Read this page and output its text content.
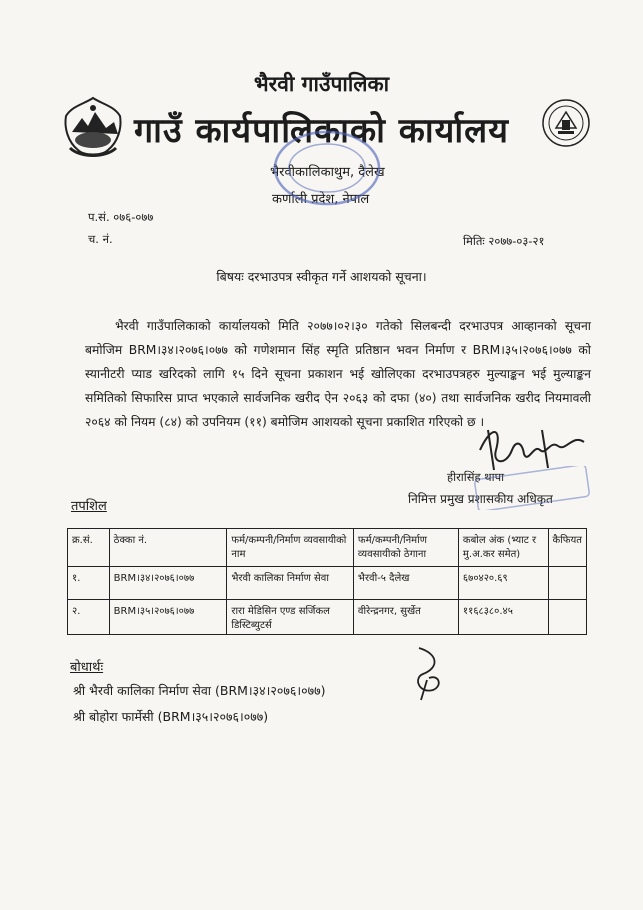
भैरवी गाउँपालिका
गाउँ कार्यपालिकाको कार्यालय
भैरवीकालिकाथुम, दैलेख
कर्णाली प्रदेश, नेपाल
प.सं. ०७६-०७७
च. नं.	मितिः २०७७-०३-२१
बिषयः दरभाउपत्र स्वीकृत गर्ने आशयको सूचना।

भैरवी गाउँपालिकाको कार्यालयको मिति २०७७।०२।३० गतेको सिलबन्दी दरभाउपत्र आव्हानको सूचना बमोजिम BRM।३४।२०७६।०७७ को गणेशमान सिंह स्मृति प्रतिष्ठान भवन निर्माण र BRM।३५।२०७६।०७७ को स्यानीटरी प्याड खरिदको लागि १५ दिने सूचना प्रकाशन भई खोलिएका दरभाउपत्रहरु मुल्याङ्कन भई मुल्याङ्कन समितिको सिफारिस प्राप्त भएकाले सार्वजनिक खरीद ऐन २०६३ को दफा (४०) तथा सार्वजनिक खरीद नियमावली २०६४ को नियम (८४) को उपनियम (११) बमोजिम आशयको सूचना प्रकाशित गरिएको छ ।

हीरासिंह थापा
निमित्त प्रमुख प्रशासकीय अधिकृत
तपशिल
क्र.सं.	ठेक्का नं.	फर्म/कम्पनी/निर्माण व्यवसायीको नाम	फर्म/कम्पनी/निर्माण व्यवसायीको ठेगाना	कबोल अंक (भ्याट र मु.अ.कर समेत)	कैफियत
१.	BRM।३४।२०७६।०७७	भैरवी कालिका निर्माण सेवा	भैरवी-५ दैलेख	६७०४२०.६९	
२.	BRM।३५।२०७६।०७७	रारा मेडिसिन एण्ड सर्जिकल डिस्टिब्युटर्स	वीरेन्द्रनगर, सुर्खेत	११६८३८०.४५	
बोधार्थः
श्री भैरवी कालिका निर्माण सेवा (BRM।३४।२०७६।०७७)
श्री बोहोरा फार्मेसी (BRM।३५।२०७६।०७७)
